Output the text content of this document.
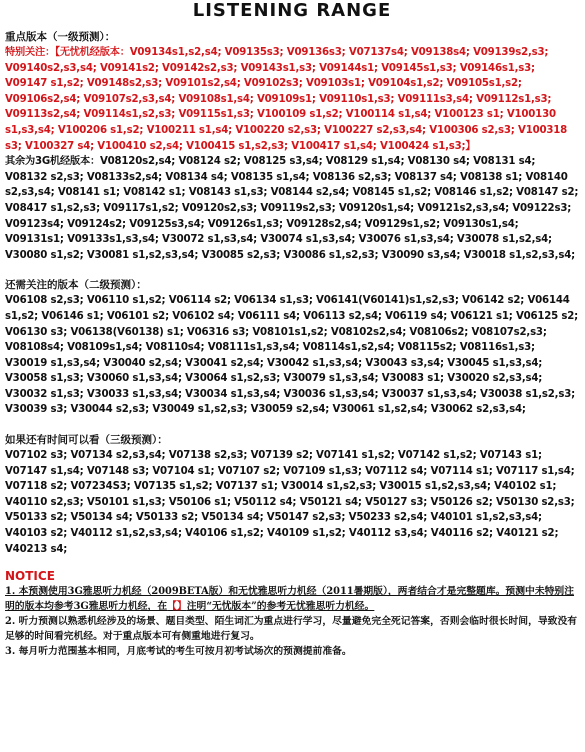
LISTENING RANGE
重点版本（一级预测）：
特别关注：【无忧机经版本：V09134s1,s2,s4; V09135s3; V09136s3; V07137s4; V09138s4; V09139s2,s3; V09140s2,s3,s4; V09141s2; V09142s2,s3; V09143s1,s3; V09144s1; V09145s1,s3; V09146s1,s3; V09147 s1,s2; V09148s2,s3; V09101s2,s4; V09102s3; V09103s1; V09104s1,s2; V09105s1,s2; V09106s2,s4; V09107s2,s3,s4; V09108s1,s4; V09109s1; V09110s1,s3; V09111s3,s4; V09112s1,s3; V09113s2,s4; V09114s1,s2,s3; V09115s1,s3; V100109 s1,s2; V100114 s1,s4; V100123 s1; V100130 s1,s3,s4; V100206 s1,s2; V100211 s1,s4; V100220 s2,s3; V100227 s2,s3,s4; V100306 s2,s3; V100318 s3; V100327 s4; V100410 s2,s4; V100415 s1,s2,s3; V100417 s1,s4; V100424 s1,s3;】
其余为3G机经版本：V08120s2,s4; V08124 s2; V08125 s3,s4; V08129 s1,s4; V08130 s4; V08131 s4; V08132 s2,s3; V08133s2,s4; V08134 s4; V08135 s1,s4; V08136 s2,s3; V08137 s4; V08138 s1; V08140 s2,s3,s4; V08141 s1; V08142 s1; V08143 s1,s3; V08144 s2,s4; V08145 s1,s2; V08146 s1,s2; V08147 s2; V08417 s1,s2,s3; V09117s1,s2; V09120s2,s3; V09119s2,s3; V09120s1,s4; V09121s2,s3,s4; V09122s3; V09123s4; V09124s2; V09125s3,s4; V09126s1,s3; V09128s2,s4; V09129s1,s2; V09130s1,s4; V09131s1; V09133s1,s3,s4; V30072 s1,s3,s4; V30074 s1,s3,s4; V30076 s1,s3,s4; V30078 s1,s2,s4; V30080 s1,s2; V30081 s1,s2,s3,s4; V30085 s2,s3; V30086 s1,s2,s3; V30090 s3,s4; V30018 s1,s2,s3,s4;
还需关注的版本（二级预测）：
V06108 s2,s3; V06110 s1,s2; V06114 s2; V06134 s1,s3; V06141(V60141)s1,s2,s3; V06142 s2; V06144 s1,s2; V06146 s1; V06101 s2; V06102 s4; V06111 s4; V06113 s2,s4; V06119 s4; V06121 s1; V06125 s2; V06130 s3; V06138(V60138) s1; V06316 s3; V08101s1,s2; V08102s2,s4; V08106s2; V08107s2,s3; V08108s4; V08109s1,s4; V08110s4; V08111s1,s3,s4; V08114s1,s2,s4; V08115s2; V08116s1,s3; V30019 s1,s3,s4; V30040 s2,s4; V30041 s2,s4; V30042 s1,s3,s4; V30043 s3,s4; V30045 s1,s3,s4; V30058 s1,s3; V30060 s1,s3,s4; V30064 s1,s2,s3; V30079 s1,s3,s4; V30083 s1; V30020 s2,s3,s4; V30032 s1,s3; V30033 s1,s3,s4; V30034 s1,s3,s4; V30036 s1,s3,s4; V30037 s1,s3,s4; V30038 s1,s2,s3; V30039 s3; V30044 s2,s3; V30049 s1,s2,s3; V30059 s2,s4; V30061 s1,s2,s4; V30062 s2,s3,s4;
如果还有时间可以看（三级预测）：
V07102 s3; V07134 s2,s3,s4; V07138 s2,s3; V07139 s2; V07141 s1,s2; V07142 s1,s2; V07143 s1; V07147 s1,s4; V07148 s3; V07104 s1; V07107 s2; V07109 s1,s3; V07112 s4; V07114 s1; V07117 s1,s4; V07118 s2; V07234S3; V07135 s1,s2; V07137 s1; V30014 s1,s2,s3; V30015 s1,s2,s3,s4; V40102 s1; V40110 s2,s3; V50101 s1,s3; V50106 s1; V50112 s4; V50121 s4; V50127 s3; V50126 s2; V50130 s2,s3; V50133 s2; V50134 s4; V50133 s2; V50134 s4; V50147 s2,s3; V50233 s2,s4; V40101 s1,s2,s3,s4; V40103 s2; V40112 s1,s2,s3,s4; V40106 s1,s2; V40109 s1,s2; V40112 s3,s4; V40116 s2; V40121 s2; V40213 s4;
NOTICE
1. 本预测使用3G雅思听力机经（2009BETA版）和无忧雅思听力机经（2011暑期版），两者结合才是完整题库。预测中未特别注明的版本均参考3G雅思听力机经，在【】注明“无忧版本”的参考无忧雅思听力机经。
2. 听力预测以熟悉机经涉及的场景、题目类型、陌生词汇为重点进行学习，尽量避免完全死记答案，否则会临时很长时间，导致没有足够的时间看完机经。对于重点版本可有侧重地进行复习。
3. 每月听力范围基本相同，月底考试的考生可按月初考试场次的预测提前准备。
